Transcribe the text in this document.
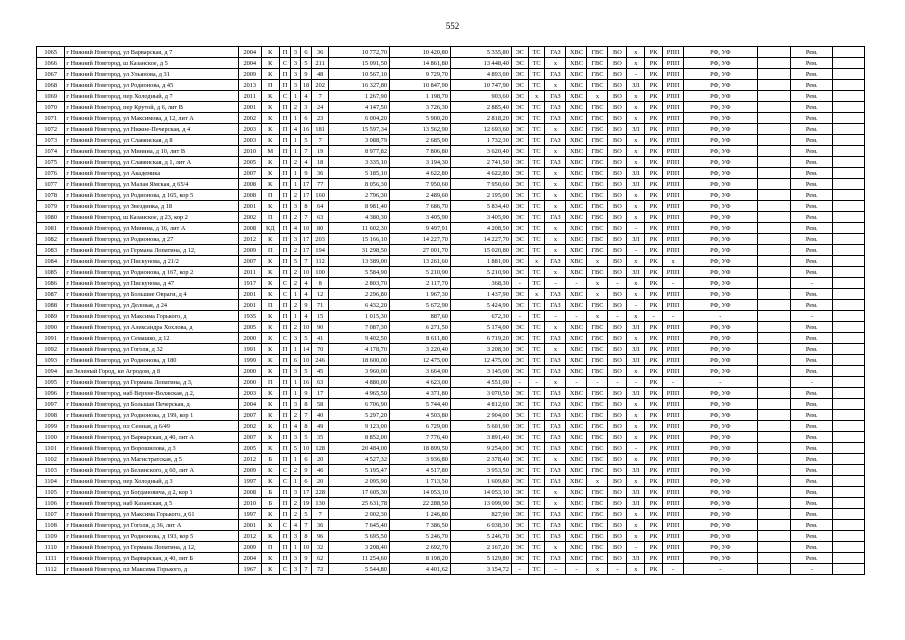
552
1065	г Нижний Новгород, ул Варварская, д 7	2004	К	П	3	6	36	10 772,70	10 420,80	5 335,80	ЭС	ТС	ГАЗ	ХВС	ГВС	ВО	х	РК	РПП	РФ, УФ		Рем.	
1066	г Нижний Новгород, ш Казанское, д 5	2004	К	С	3	5	211	15 091,50	14 861,80	13 448,40	ЭС	ТС	х	ХВС	ГВС	ВО	х	РК	РПП	РФ, УФ		Рем.	
1067	г Нижний Новгород, ул Ульянова, д 31	2009	К	П	3	9	48	10 567,10	9 729,70	4 893,00	ЭС	ТС	ГАЗ	ХВС	ГВС	ВО	-	РК	РПП	РФ, УФ		Рем.	
1068	г Нижний Новгород, ул Родионова, д 45	2013	П	П	3	18	202	16 327,80	10 847,90	10 747,90	ЭС	ТС	х	ХВС	ГВС	ВО	ЗЛ	РК	РПП	РФ, УФ		Рем.	
1069	г Нижний Новгород, пер Холодный, д 7	2011	К	С	1	4	7	1 267,90	1 198,70	903,60	ЭС	х	ГАЗ	ХВС	х	ВО	х	РК	РПП	РФ, УФ		Рем.	
1070	г Нижний Новгород, пер Крутой, д 6, лит В	2001	К	П	2	3	24	4 147,50	3 726,30	2 885,40	ЭС	ТС	ГАЗ	ХВС	ГВС	ВО	х	РК	РПП	РФ, УФ		Рем.	
1071	г Нижний Новгород, ул Максимова, д 12, лит А	2002	К	П	1	6	23	6 004,20	5 900,20	2 818,20	ЭС	ТС	ГАЗ	ХВС	ГВС	ВО	х	РК	РПП	РФ, УФ		Рем.	
1072	г Нижний Новгород, ул Нижне-Печерская, д 4	2003	К	П	4	16	181	15 597,34	13 562,90	12 693,60	ЭС	ТС	х	ХВС	ГВС	ВО	ЗЛ	РК	РПП	РФ, УФ		Рем.	
1073	г Нижний Новгород, ул Славянская, д 8	2003	К	П	1	5	7	3 088,79	2 685,90	1 732,30	ЭС	ТС	ГАЗ	ХВС	ГВС	ВО	х	РК	РПП	РФ, УФ		Рем.	
1074	г Нижний Новгород, ул Минина, д 10, лит В	2010	М	П	1	7	19	8 977,82	7 806,80	3 620,40	ЭС	ТС	х	ХВС	ГВС	ВО	х	РК	РПП	РФ, УФ		Рем.	
1075	г Нижний Новгород, ул Славянская, д 1, лит А	2005	К	П	2	4	18	3 335,10	3 194,30	2 741,50	ЭС	ТС	ГАЗ	ХВС	ГВС	ВО	х	РК	РПП	РФ, УФ		Рем.	
1076	г Нижний Новгород, ул Академика	2007	К	П	1	9	36	5 185,10	4 622,80	4 622,80	ЭС	ТС	х	ХВС	ГВС	ВО	ЗЛ	РК	РПП	РФ, УФ		Рем.	
1077	г Нижний Новгород, ул Малая Ямская, д 65/4	2008	К	П	1	17	77	8 056,30	7 950,60	7 950,60	ЭС	ТС	х	ХВС	ГВС	ВО	ЗЛ	РК	РПП	РФ, УФ		Рем.	
1078	г Нижний Новгород, ул Родионова, д 165, кор 5	2008	П	П	2	17	160	2 796,30	2 489,60	2 195,00	ЭС	ТС	х	ХВС	ГВС	ВО	х	РК	РПП	РФ, УФ		Рем.	
1079	г Нижний Новгород, ул Звездинка, д 18	2001	К	П	3	8	64	8 981,40	7 686,70	5 834,40	ЭС	ТС	х	ХВС	ГВС	ВО	х	РК	РПП	РФ, УФ		Рем.	
1080	г Нижний Новгород, ш Казанское, д 23, кор 2	2002	П	П	2	7	63	4 380,30	3 405,90	3 405,90	ЭС	ТС	ГАЗ	ХВС	ГВС	ВО	х	РК	РПП	РФ, УФ		Рем.	
1081	г Нижний Новгород, ул Минина, д 16, лит А	2008	КД	П	4	10	80	11 602,30	9 497,91	4 208,50	ЭС	ТС	х	ХВС	ГВС	ВО	-	РК	РПП	РФ, УФ		Рем.	
1082	г Нижний Новгород, ул Родионова, д 27	2012	К	П	3	17	203	15 166,10	14 227,70	14 227,70	ЭС	ТС	х	ХВС	ГВС	ВО	ЗЛ	РК	РПП	РФ, УФ		Рем.	
1083	г Нижний Новгород, ул Германа Лопатина, д 12,	2009	П	П	2	17	194	31 298,50	27 001,70	15 020,80	ЭС	ТС	х	ХВС	ГВС	ВО	-	РК	РПП	РФ, УФ		Рем.	
1084	г Нижний Новгород, ул Пискунова, д 21/2	2007	К	П	5	7	112	13 389,00	13 261,60	1 881,00	ЭС	х	ГАЗ	ХВС	х	ВО	х	РК	х	РФ, УФ		Рем.	
1085	г Нижний Новгород, ул Родионова, д 167, кор 2	2011	К	П	2	10	100	5 584,90	5 210,90	5 210,90	ЭС	ТС	х	ХВС	ГВС	ВО	ЗЛ	РК	РПП	РФ, УФ		Рем.	
1086	г Нижний Новгород, ул Пискунова, д 47	1917	К	С	2	4	8	2 803,70	2 117,70	368,30	-	ТС	-	-	х	-	х	РК	-	РФ, УФ		-	
1087	г Нижний Новгород, ул Большие Овраги, д 4	2001	К	С	1	4	12	2 296,80	1 967,30	1 437,90	ЭС	х	ГАЗ	ХВС	х	ВО	х	РК	РПП	РФ, УФ		Рем.	
1088	г Нижний Новгород, ул Деловая, д 24	2001	П	П	2	9	71	6 432,20	5 672,90	5 424,90	ЭС	ТС	ГАЗ	ХВС	ГВС	ВО	-	РК	РПП	РФ, УФ		Рем.	
1089	г Нижний Новгород, ул Максима Горького, д	1935	К	П	1	4	15	1 015,30	887,60	672,30	-	ТС	-	-	х	-	х	-	-	-		-	
1090	г Нижний Новгород, ул Александра Хохлова, д	2005	К	П	2	10	90	7 087,30	6 271,50	5 174,00	ЭС	ТС	х	ХВС	ГВС	ВО	ЗЛ	РК	РПП	РФ, УФ		Рем.	
1091	г Нижний Новгород, ул Семашко, д 12	2000	К	С	3	5	41	9 402,50	8 611,80	6 719,20	ЭС	ТС	ГАЗ	ХВС	ГВС	ВО	х	РК	РПП	РФ, УФ		Рем.	
1092	г Нижний Новгород, ул Гоголя, д 32	1991	К	П	1	14	70	4 178,70	3 220,40	3 208,30	ЭС	ТС	х	ХВС	ГВС	ВО	ЗЛ	РК	РПП	РФ, УФ		Рем.	
1093	г Нижний Новгород, ул Родионова, д 180	1999	К	П	6	10	246	18 600,00	12 475,00	12 475,00	ЭС	ТС	ГАЗ	ХВС	ГВС	ВО	ЗЛ	РК	РПП	РФ, УФ		Рем.	
1094	кп Зеленый Город, кп Агродом, д 8	2000	К	П	3	5	45	3 960,00	3 664,00	3 145,00	ЭС	ТС	ГАЗ	ХВС	ГВС	ВО	х	РК	РПП	РФ, УФ		Рем.	
1095	г Нижний Новгород, ул Германа Лопатина, д 3,	2000	П	П	1	16	63	4 880,00	4 623,00	4 551,00	-	-	х	-	-	-	-	РК	-	-		-	
1096	г Нижний Новгород, наб Верхне-Волжская, д 2,	2003	К	П	1	9	17	4 965,50	4 371,80	3 070,50	ЭС	ТС	ГАЗ	ХВС	ГВС	ВО	ЗЛ	РК	РПП	РФ, УФ		Рем.	
1097	г Нижний Новгород, ул Большая Печерская, д	2004	К	П	3	8	58	6 706,90	5 744,40	4 812,60	ЭС	ТС	ГАЗ	ХВС	ГВС	ВО	х	РК	РПП	РФ, УФ		Рем.	
1098	г Нижний Новгород, ул Родионова, д 199, кор 1	2007	К	П	2	7	40	5 297,20	4 503,80	2 904,00	ЭС	ТС	ГАЗ	ХВС	ГВС	ВО	х	РК	РПП	РФ, УФ		Рем.	
1099	г Нижний Новгород, пл Сенная, д 6/49	2002	К	П	4	8	49	9 123,00	6 729,00	5 601,90	ЭС	ТС	ГАЗ	ХВС	ГВС	ВО	х	РК	РПП	РФ, УФ		Рем.	
1100	г Нижний Новгород, ул Варварская, д 40, лит А	2007	К	П	3	5	35	8 852,00	7 776,40	3 891,40	ЭС	ТС	ГАЗ	ХВС	ГВС	ВО	х	РК	РПП	РФ, УФ		Рем.	
1101	г Нижний Новгород, ул Ворошилова, д 3	2005	К	П	5	10	128	20 484,00	18 899,50	9 254,00	ЭС	ТС	ГАЗ	ХВС	ГВС	ВО	-	РК	РПП	РФ, УФ		Рем.	
1102	г Нижний Новгород, ул Магистратская, д 5	2012	Б	П	1	6	20	4 527,32	3 936,80	2 378,40	ЭС	ТС	х	ХВС	ГВС	ВО	х	РК	РПП	РФ, УФ		Рем.	
1103	г Нижний Новгород, ул Белинского, д 60, лит А	2009	К	С	2	9	46	5 195,47	4 517,80	3 953,50	ЭС	ТС	ГАЗ	ХВС	ГВС	ВО	ЗЛ	РК	РПП	РФ, УФ		Рем.	
1104	г Нижний Новгород, пер Холодный, д 3	1997	К	С	1	6	20	2 095,90	1 713,50	1 609,80	ЭС	ТС	ГАЗ	ХВС	х	ВО	х	РК	РПП	РФ, УФ		Рем.	
1105	г Нижний Новгород, ул Богдановича, д 2, кор 1	2008	Б	П	3	17	228	17 605,30	14 053,10	14 053,10	ЭС	ТС	х	ХВС	ГВС	ВО	ЗЛ	РК	РПП	РФ, УФ		Рем.	
1106	г Нижний Новгород, наб Казанская, д 5	2010	Б	П	2	19	130	25 631,78	22 288,50	13 099,90	ЭС	ТС	х	ХВС	ГВС	ВО	ЗЛ	РК	РПП	РФ, УФ		Рем.	
1107	г Нижний Новгород, ул Максима Горького, д 61	1997	К	П	2	5	7	2 002,30	1 246,80	827,90	ЭС	ТС	ГАЗ	ХВС	ГВС	ВО	х	РК	РПП	РФ, УФ		Рем.	
1108	г Нижний Новгород, ул Гоголя, д 36, лит А	2001	К	С	4	7	36	7 645,40	7 386,50	6 038,30	ЭС	ТС	ГАЗ	ХВС	ГВС	ВО	х	РК	РПП	РФ, УФ		Рем.	
1109	г Нижний Новгород, ул Родионова, д 193, кор 5	2012	К	П	3	8	96	5 695,50	5 246,70	5 246,70	ЭС	ТС	ГАЗ	ХВС	ГВС	ВО	х	РК	РПП	РФ, УФ		Рем.	
1110	г Нижний Новгород, ул Германа Лопатина, д 12,	2009	П	П	1	10	32	3 208,40	2 692,70	2 167,20	ЭС	ТС	х	ХВС	ГВС	ВО	-	РК	РПП	РФ, УФ		Рем.	
1111	г Нижний Новгород, ул Варварская, д 40, лит Б	2004	К	П	3	9	62	11 254,60	8 198,20	5 129,80	ЭС	ТС	ГАЗ	ХВС	ГВС	ВО	ЗЛ	РК	РПП	РФ, УФ		Рем.	
1112	г Нижний Новгород, пл Максима Горького, д	1967	К	С	3	7	72	5 544,80	4 401,62	3 154,72	-	ТС	-	-	х	-	х	РК	-	-		-	
